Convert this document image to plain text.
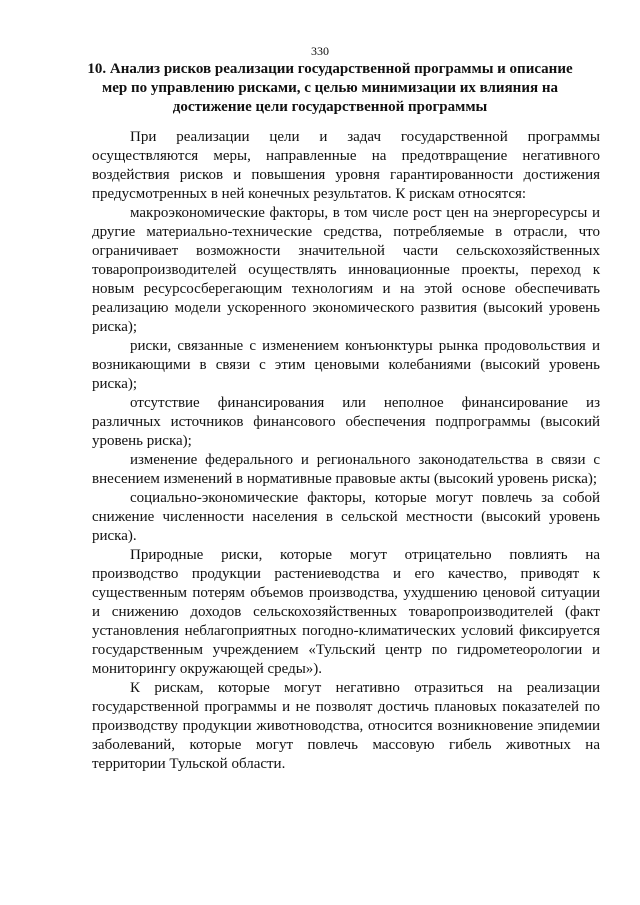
330
10. Анализ рисков реализации государственной программы и описание мер по управлению рисками, с целью минимизации их влияния на достижение цели государственной программы

При реализации цели и задач государственной программы осуществляются меры, направленные на предотвращение негативного воздействия рисков и повышения уровня гарантированности достижения предусмотренных в ней конечных результатов. К рискам относятся:

макроэкономические факторы, в том числе рост цен на энергоресурсы и другие материально-технические средства, потребляемые в отрасли, что ограничивает возможности значительной части сельскохозяйственных товаропроизводителей осуществлять инновационные проекты, переход к новым ресурсосберегающим технологиям и на этой основе обеспечивать реализацию модели ускоренного экономического развития (высокий уровень риска);

риски, связанные с изменением конъюнктуры рынка продовольствия и возникающими в связи с этим ценовыми колебаниями (высокий уровень риска);

отсутствие финансирования или неполное финансирование из различных источников финансового обеспечения подпрограммы (высокий уровень риска);

изменение федерального и регионального законодательства в связи с внесением изменений в нормативные правовые акты (высокий уровень риска);

социально-экономические факторы, которые могут повлечь за собой снижение численности населения в сельской местности (высокий уровень риска).

Природные риски, которые могут отрицательно повлиять на производство продукции растениеводства и его качество, приводят к существенным потерям объемов производства, ухудшению ценовой ситуации и снижению доходов сельскохозяйственных товаропроизводителей (факт установления неблагоприятных погодно-климатических условий фиксируется государственным учреждением «Тульский центр по гидрометеорологии и мониторингу окружающей среды»).

К рискам, которые могут негативно отразиться на реализации государственной программы и не позволят достичь плановых показателей по производству продукции животноводства, относится возникновение эпидемии заболеваний, которые могут повлечь массовую гибель животных на территории Тульской области.
